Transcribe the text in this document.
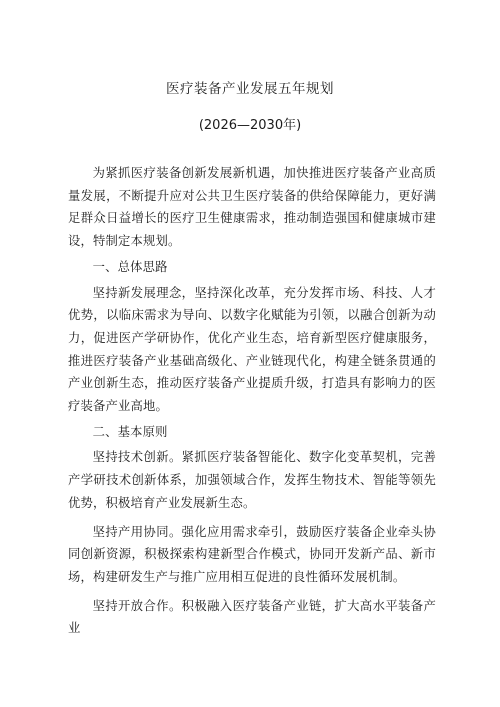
医疗装备产业发展五年规划
(2026—2030年)

为紧抓医疗装备创新发展新机遇，加快推进医疗装备产业高质量发展，不断提升应对公共卫生医疗装备的供给保障能力，更好满足群众日益增长的医疗卫生健康需求，推动制造强国和健康城市建设，特制定本规划。

一、总体思路

坚持新发展理念，坚持深化改革，充分发挥市场、科技、人才优势，以临床需求为导向、以数字化赋能为引领，以融合创新为动力，促进医产学研协作，优化产业生态，培育新型医疗健康服务，推进医疗装备产业基础高级化、产业链现代化，构建全链条贯通的产业创新生态，推动医疗装备产业提质升级，打造具有影响力的医疗装备产业高地。

二、基本原则

坚持技术创新。紧抓医疗装备智能化、数字化变革契机，完善产学研技术创新体系，加强领域合作，发挥生物技术、智能等领先优势，积极培育产业发展新生态。

坚持产用协同。强化应用需求牵引，鼓励医疗装备企业牵头协同创新资源，积极探索构建新型合作模式，协同开发新产品、新市场，构建研发生产与推广应用相互促进的良性循环发展机制。

坚持开放合作。积极融入医疗装备产业链，扩大高水平装备产业
